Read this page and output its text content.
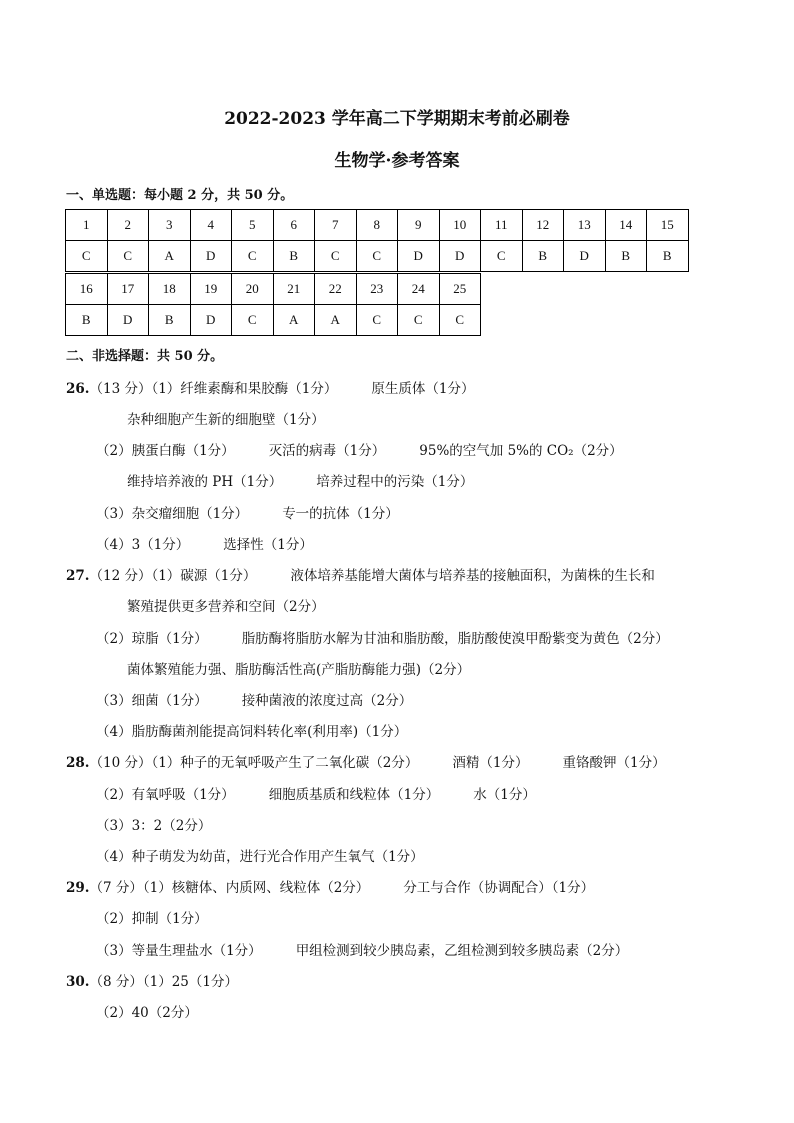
2022-2023 学年高二下学期期末考前必刷卷
生物学·参考答案
一、单选题：每小题 2 分，共 50 分。
1	2	3	4	5	6	7	8	9	10	11	12	13	14	15
C	C	A	D	C	B	C	C	D	D	C	B	D	B	B
16	17	18	19	20	21	22	23	24	25
B	D	B	D	C	A	A	C	C	C
二、非选择题：共 50 分。
26.（13 分）（1）纤维素酶和果胶酶（1分）	原生质体（1分）
杂种细胞产生新的细胞壁（1分）
（2）胰蛋白酶（1分）	灭活的病毒（1分）	95%的空气加 5%的 CO₂（2分）
维持培养液的 PH（1分）	培养过程中的污染（1分）
（3）杂交瘤细胞（1分）	专一的抗体（1分）
（4）3（1分）	选择性（1分）
27.（12 分）（1）碳源（1分）	液体培养基能增大菌体与培养基的接触面积，为菌株的生长和
繁殖提供更多营养和空间（2分）
（2）琼脂（1分）	脂肪酶将脂肪水解为甘油和脂肪酸，脂肪酸使溴甲酚紫变为黄色（2分）
菌体繁殖能力强、脂肪酶活性高(产脂肪酶能力强)（2分）
（3）细菌（1分）	接种菌液的浓度过高（2分）
（4）脂肪酶菌剂能提高饲料转化率(利用率)（1分）
28.（10 分）（1）种子的无氧呼吸产生了二氧化碳（2分）	酒精（1分）	重铬酸钾（1分）
（2）有氧呼吸（1分）	细胞质基质和线粒体（1分）	水（1分）
（3）3：2（2分）
（4）种子萌发为幼苗，进行光合作用产生氧气（1分）
29.（7 分）（1）核糖体、内质网、线粒体（2分）	分工与合作（协调配合）（1分）
（2）抑制（1分）
（3）等量生理盐水（1分）	甲组检测到较少胰岛素，乙组检测到较多胰岛素（2分）
30.（8 分）（1）25（1分）
（2）40（2分）
